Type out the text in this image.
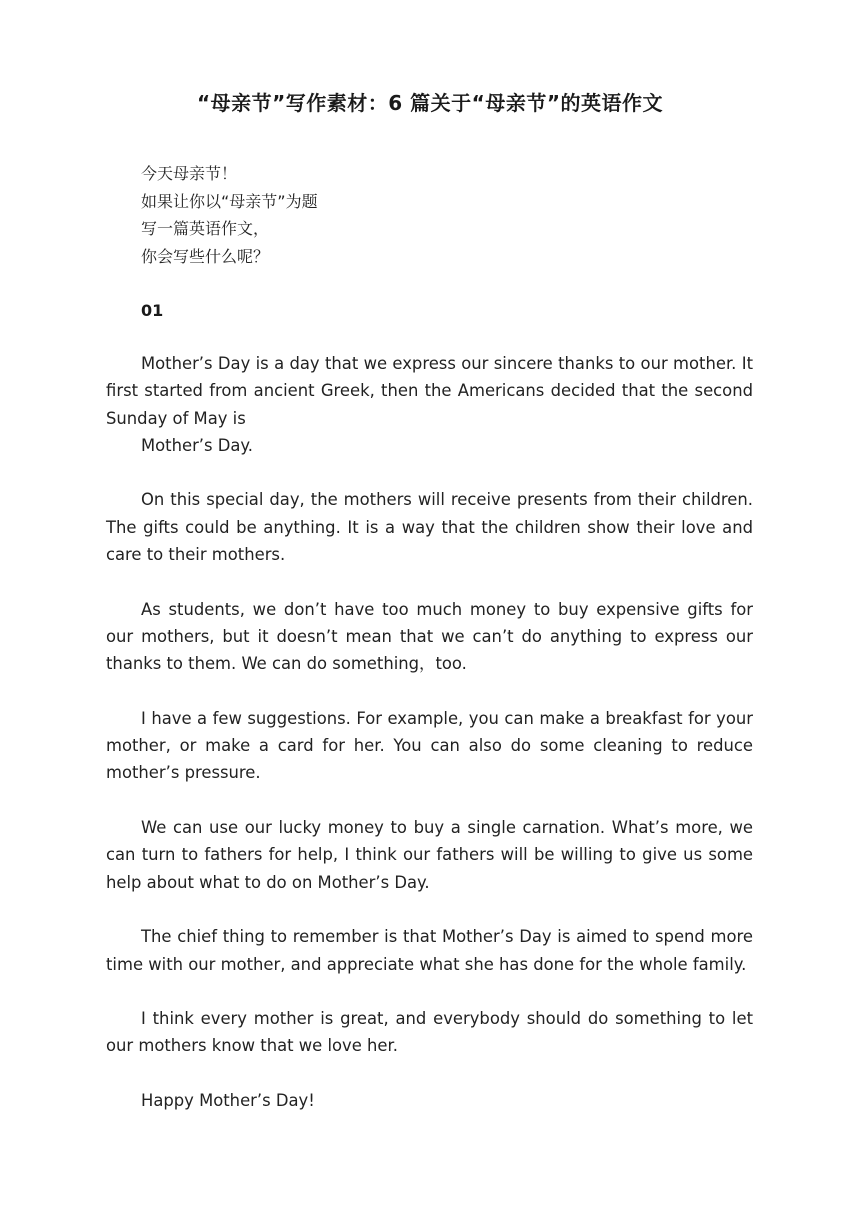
“母亲节”写作素材：6 篇关于“母亲节”的英语作文
今天母亲节！
如果让你以“母亲节”为题
写一篇英语作文，
你会写些什么呢？
01

Mother’s Day is a day that we express our sincere thanks to our mother. It first started from ancient Greek, then the Americans decided that the second Sunday of May is

Mother’s Day.

On this special day, the mothers will receive presents from their children. The gifts could be anything. It is a way that the children show their love and care to their mothers.

As students, we don’t have too much money to buy expensive gifts for our mothers, but it doesn’t mean that we can’t do anything to express our thanks to them. We can do something，too.

I have a few suggestions. For example, you can make a breakfast for your mother, or make a card for her. You can also do some cleaning to reduce mother’s pressure.

We can use our lucky money to buy a single carnation. What’s more, we can turn to fathers for help, I think our fathers will be willing to give us some help about what to do on Mother’s Day.

The chief thing to remember is that Mother’s Day is aimed to spend more time with our mother, and appreciate what she has done for the whole family.

I think every mother is great, and everybody should do something to let our mothers know that we love her.

Happy Mother’s Day!
